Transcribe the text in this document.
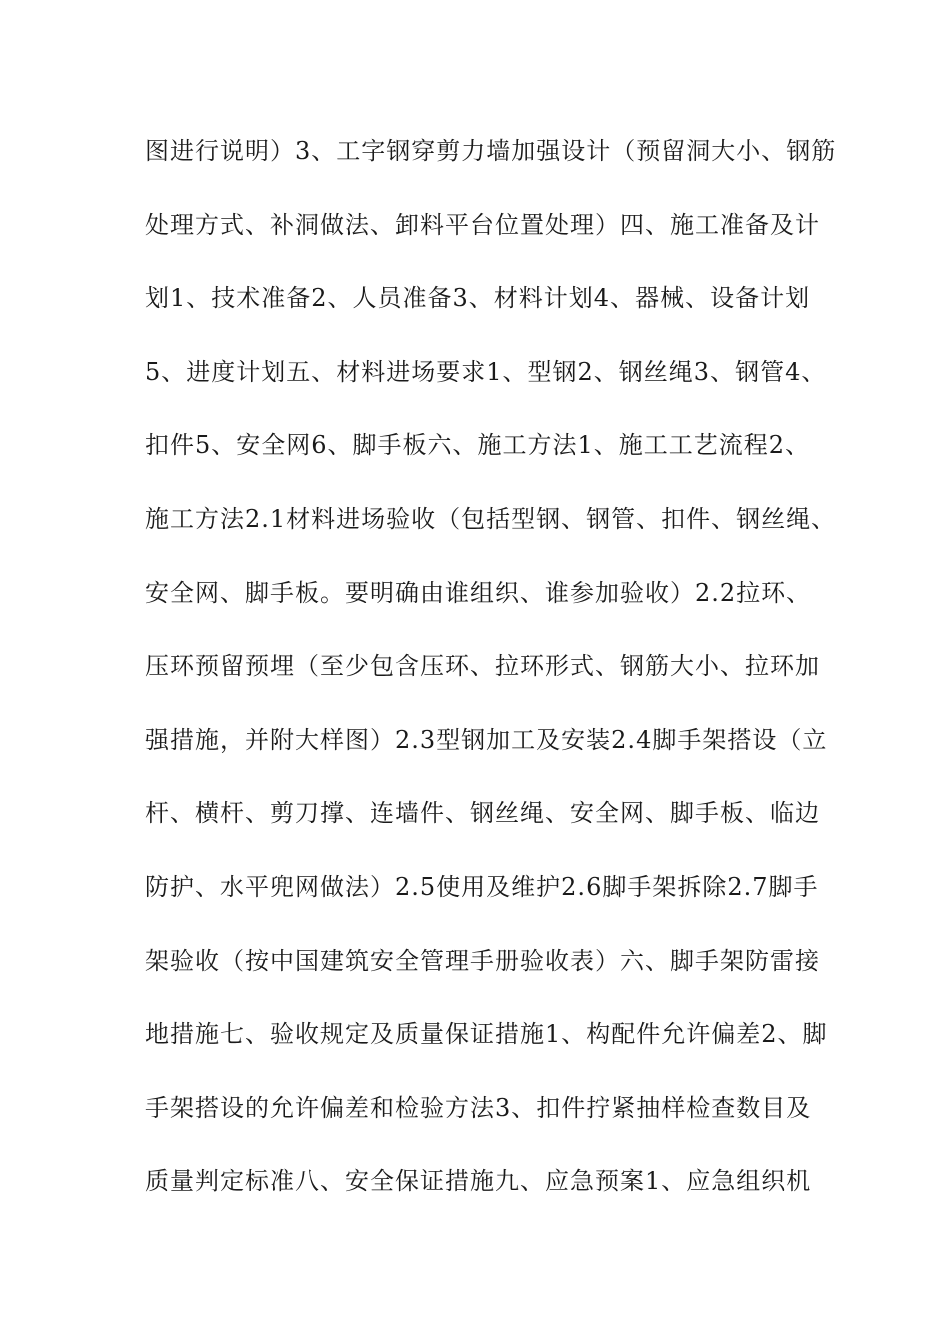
图进行说明）3、工字钢穿剪力墙加强设计（预留洞大小、钢筋
处理方式、补洞做法、卸料平台位置处理）四、施工准备及计
划1、技术准备2、人员准备3、材料计划4、器械、设备计划
5、进度计划五、材料进场要求1、型钢2、钢丝绳3、钢管4、
扣件5、安全网6、脚手板六、施工方法1、施工工艺流程2、
施工方法2.1材料进场验收（包括型钢、钢管、扣件、钢丝绳、
安全网、脚手板。要明确由谁组织、谁参加验收）2.2拉环、
压环预留预埋（至少包含压环、拉环形式、钢筋大小、拉环加
强措施，并附大样图）2.3型钢加工及安装2.4脚手架搭设（立
杆、横杆、剪刀撑、连墙件、钢丝绳、安全网、脚手板、临边
防护、水平兜网做法）2.5使用及维护2.6脚手架拆除2.7脚手
架验收（按中国建筑安全管理手册验收表）六、脚手架防雷接
地措施七、验收规定及质量保证措施1、构配件允许偏差2、脚
手架搭设的允许偏差和检验方法3、扣件拧紧抽样检查数目及
质量判定标准八、安全保证措施九、应急预案1、应急组织机
